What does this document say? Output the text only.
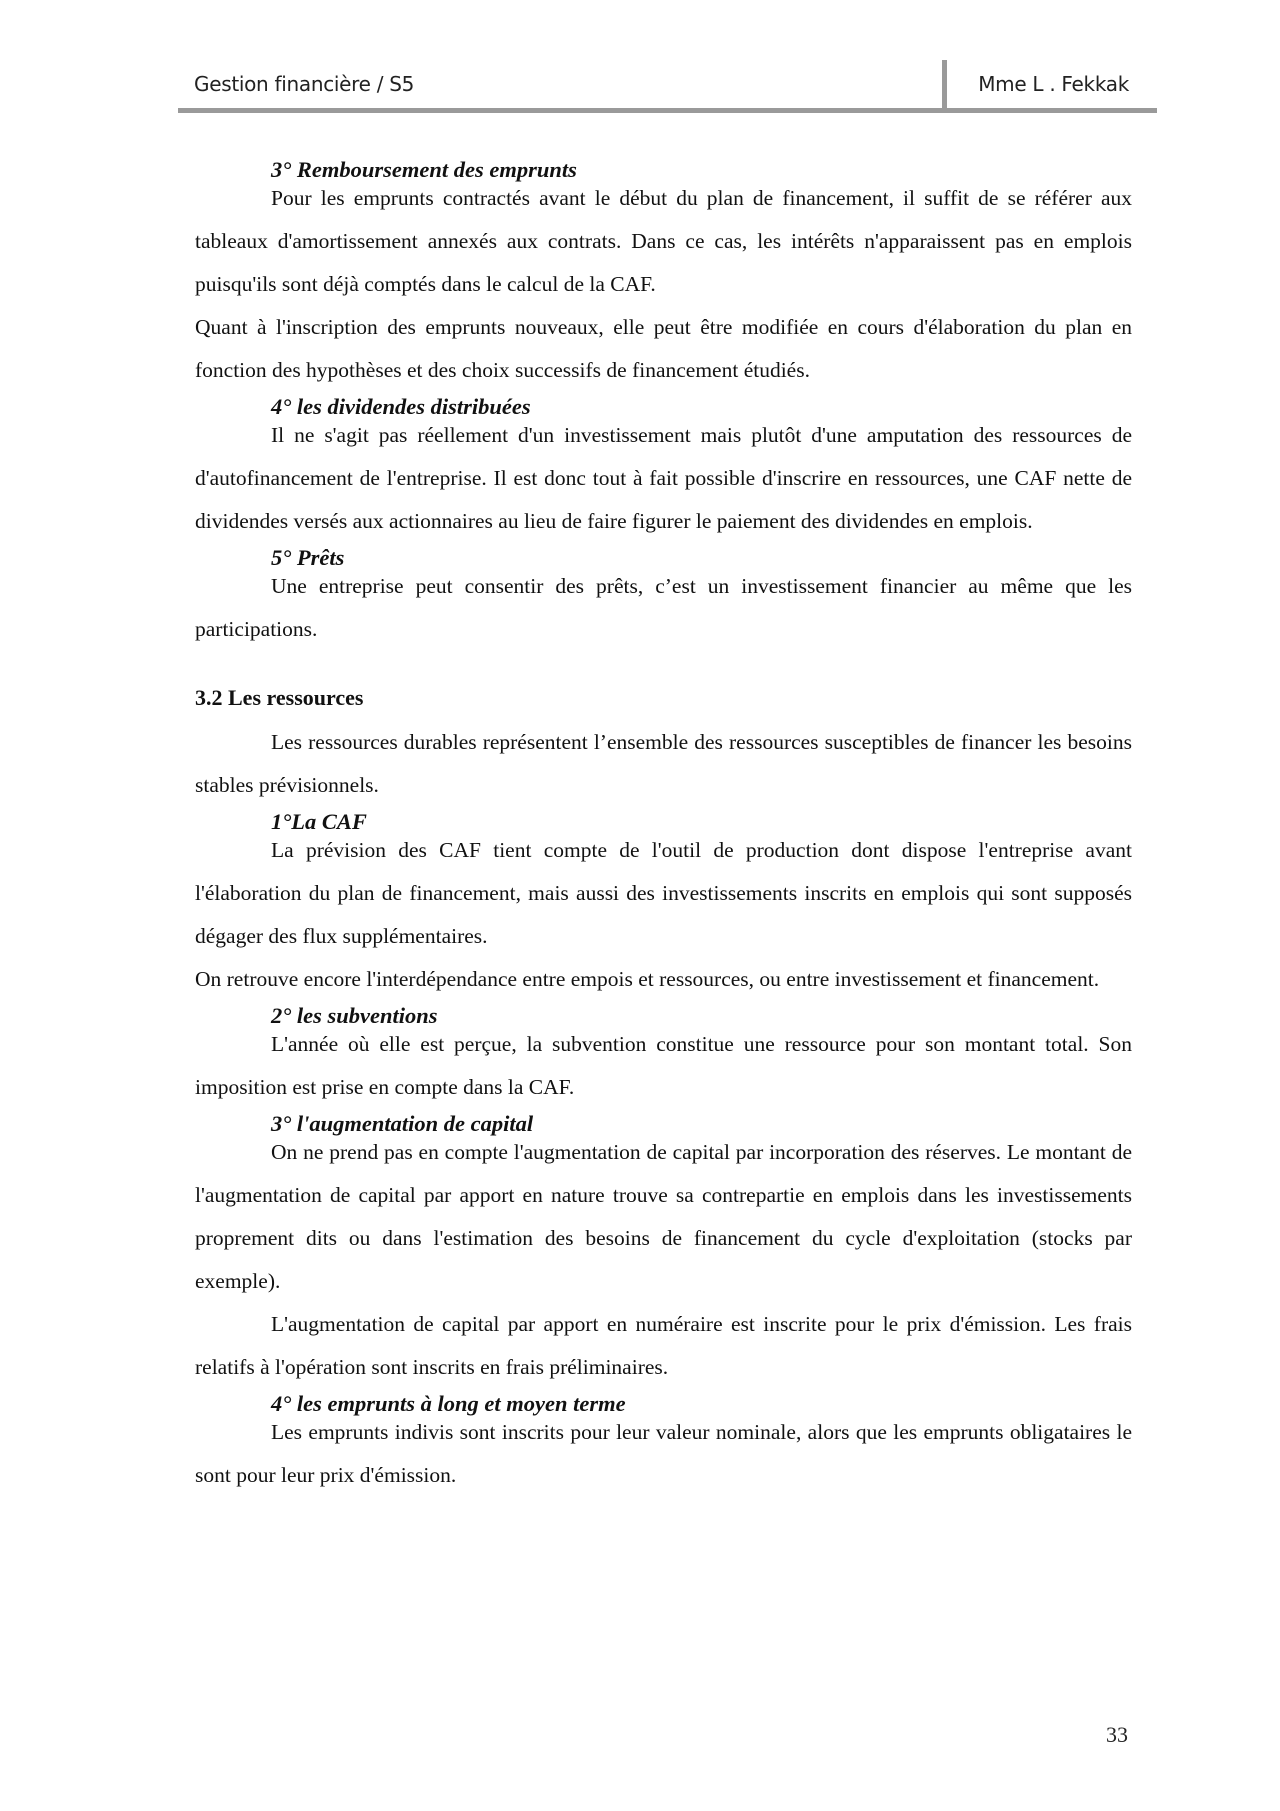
Gestion financière / S5	Mme L . Fekkak

3° Remboursement des emprunts

Pour les emprunts contractés avant le début du plan de financement, il suffit de se référer aux tableaux d'amortissement annexés aux contrats. Dans ce cas, les intérêts n'apparaissent pas en emplois puisqu'ils sont déjà comptés dans le calcul de la CAF.

Quant à l'inscription des emprunts nouveaux, elle peut être modifiée en cours d'élaboration du plan en fonction des hypothèses et des choix successifs de financement étudiés.

4° les dividendes distribuées

Il ne s'agit pas réellement d'un investissement mais plutôt d'une amputation des ressources de d'autofinancement de l'entreprise. Il est donc tout à fait possible d'inscrire en ressources, une CAF nette de dividendes versés aux actionnaires au lieu de faire figurer le paiement des dividendes en emplois.

5° Prêts

Une entreprise peut consentir des prêts, c’est un investissement financier au même que les participations.

3.2 Les ressources

Les ressources durables représentent l’ensemble des ressources susceptibles de financer les besoins stables prévisionnels.

1°La CAF

La prévision des CAF tient compte de l'outil de production dont dispose l'entreprise avant l'élaboration du plan de financement, mais aussi des investissements inscrits en emplois qui sont supposés dégager des flux supplémentaires.

On retrouve encore l'interdépendance entre empois et ressources, ou entre investissement et financement.

2° les subventions

L'année où elle est perçue, la subvention constitue une ressource pour son montant total. Son imposition est prise en compte dans la CAF.

3° l'augmentation de capital

On ne prend pas en compte l'augmentation de capital par incorporation des réserves. Le montant de l'augmentation de capital par apport en nature trouve sa contrepartie en emplois dans les investissements proprement dits ou dans l'estimation des besoins de financement du cycle d'exploitation (stocks par exemple).

L'augmentation de capital par apport en numéraire est inscrite pour le prix d'émission. Les frais relatifs à l'opération sont inscrits en frais préliminaires.

4° les emprunts à long et moyen terme

Les emprunts indivis sont inscrits pour leur valeur nominale, alors que les emprunts obligataires le sont pour leur prix d'émission.

33
